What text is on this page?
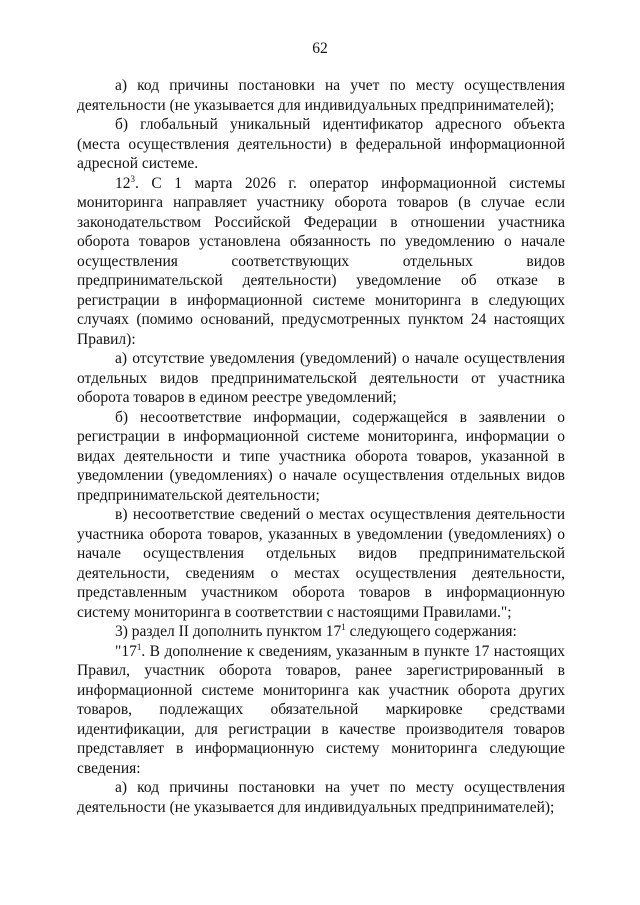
62

а) код причины постановки на учет по месту осуществления деятельности (не указывается для индивидуальных предпринимателей);

б) глобальный уникальный идентификатор адресного объекта (места осуществления деятельности) в федеральной информационной адресной системе.

$12^3$. С 1 марта 2026 г. оператор информационной системы мониторинга направляет участнику оборота товаров (в случае если законодательством Российской Федерации в отношении участника оборота товаров установлена обязанность по уведомлению о начале осуществления соответствующих отдельных видов предпринимательской деятельности) уведомление об отказе в регистрации в информационной системе мониторинга в следующих случаях (помимо оснований, предусмотренных пунктом 24 настоящих Правил):

а) отсутствие уведомления (уведомлений) о начале осуществления отдельных видов предпринимательской деятельности от участника оборота товаров в едином реестре уведомлений;

б) несоответствие информации, содержащейся в заявлении о регистрации в информационной системе мониторинга, информации о видах деятельности и типе участника оборота товаров, указанной в уведомлении (уведомлениях) о начале осуществления отдельных видов предпринимательской деятельности;

в) несоответствие сведений о местах осуществления деятельности участника оборота товаров, указанных в уведомлении (уведомлениях) о начале осуществления отдельных видов предпринимательской деятельности, сведениям о местах осуществления деятельности, представленным участником оборота товаров в информационную систему мониторинга в соответствии с настоящими Правилами.";

3) раздел II дополнить пунктом $17^1$ следующего содержания:

"$17^1$. В дополнение к сведениям, указанным в пункте 17 настоящих Правил, участник оборота товаров, ранее зарегистрированный в информационной системе мониторинга как участник оборота других товаров, подлежащих обязательной маркировке средствами идентификации, для регистрации в качестве производителя товаров представляет в информационную систему мониторинга следующие сведения:

а) код причины постановки на учет по месту осуществления деятельности (не указывается для индивидуальных предпринимателей);
